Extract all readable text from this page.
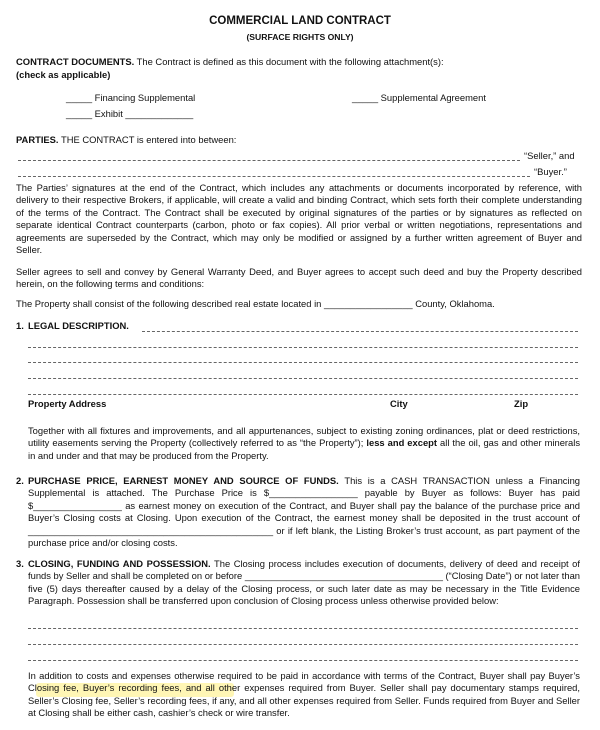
COMMERCIAL LAND CONTRACT
(SURFACE RIGHTS ONLY)
CONTRACT DOCUMENTS. The Contract is defined as this document with the following attachment(s):
(check as applicable)
_____ Financing Supplemental	_____ Supplemental Agreement
_____ Exhibit _____________
PARTIES. THE CONTRACT is entered into between:
“Seller,” and
“Buyer.”

The Parties’ signatures at the end of the Contract, which includes any attachments or documents incorporated by reference, with delivery to their respective Brokers, if applicable, will create a valid and binding Contract, which sets forth their complete understanding of the terms of the Contract. The Contract shall be executed by original signatures of the parties or by signatures as reflected on separate identical Contract counterparts (carbon, photo or fax copies). All prior verbal or written negotiations, representations and agreements are superseded by the Contract, which may only be modified or assigned by a further written agreement of Buyer and Seller.

Seller agrees to sell and convey by General Warranty Deed, and Buyer agrees to accept such deed and buy the Property described herein, on the following terms and conditions:

The Property shall consist of the following described real estate located in _________________ County, Oklahoma.
1. LEGAL DESCRIPTION.
Property Address	City	Zip

Together with all fixtures and improvements, and all appurtenances, subject to existing zoning ordinances, plat or deed restrictions, utility easements serving the Property (collectively referred to as “the Property”); less and except all the oil, gas and other minerals in and under and that may be produced from the Property.

2. PURCHASE PRICE, EARNEST MONEY AND SOURCE OF FUNDS. This is a CASH TRANSACTION unless a Financing Supplemental is attached. The Purchase Price is $_________________ payable by Buyer as follows: Buyer has paid $_________________ as earnest money on execution of the Contract, and Buyer shall pay the balance of the purchase price and Buyer’s Closing costs at Closing. Upon execution of the Contract, the earnest money shall be deposited in the trust account of _______________________________________________ or if left blank, the Listing Broker’s trust account, as part payment of the purchase price and/or closing costs.

3. CLOSING, FUNDING AND POSSESSION. The Closing process includes execution of documents, delivery of deed and receipt of funds by Seller and shall be completed on or before ______________________________________ (“Closing Date”) or not later than five (5) days thereafter caused by a delay of the Closing process, or such later date as may be necessary in the Title Evidence Paragraph. Possession shall be transferred upon conclusion of Closing process unless otherwise provided below:

In addition to costs and expenses otherwise required to be paid in accordance with terms of the Contract, Buyer shall pay Buyer’s Closing fee, Buyer’s recording fees, and all other expenses required from Buyer. Seller shall pay documentary stamps required, Seller’s Closing fee, Seller’s recording fees, if any, and all other expenses required from Seller. Funds required from Buyer and Seller at Closing shall be either cash, cashier’s check or wire transfer.
